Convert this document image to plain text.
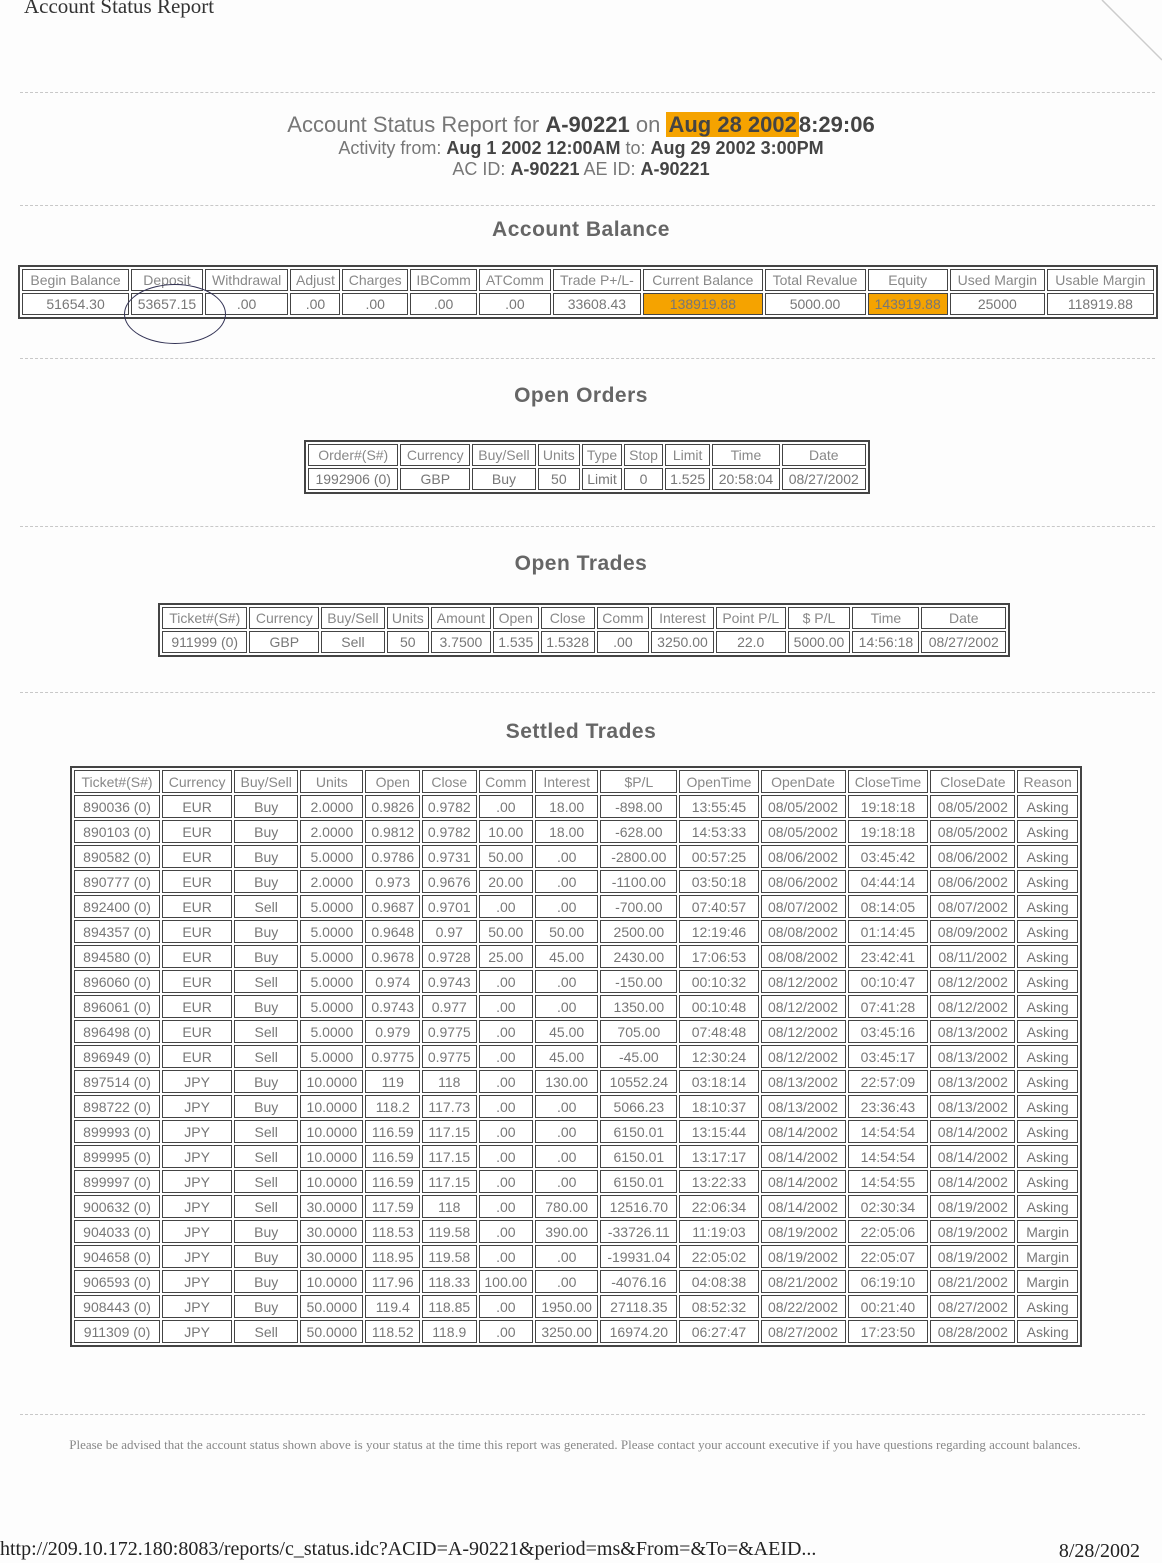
Account Status Report
Account Status Report for A-90221 on Aug 28 20028:29:06
Activity from: Aug 1 2002 12:00AM to: Aug 29 2002 3:00PM
AC ID: A-90221 AE ID: A-90221
Account Balance
Begin Balance	Deposit	Withdrawal	Adjust	Charges	IBComm	ATComm	Trade P+/L-	Current Balance	Total Revalue	Equity	Used Margin	Usable Margin
51654.30	53657.15	.00	.00	.00	.00	.00	33608.43	138919.88	5000.00	143919.88	25000	118919.88
Open Orders
Order#(S#)	Currency	Buy/Sell	Units	Type	Stop	Limit	Time	Date
1992906 (0)	GBP	Buy	50	Limit	0	1.525	20:58:04	08/27/2002
Open Trades
Ticket#(S#)	Currency	Buy/Sell	Units	Amount	Open	Close	Comm	Interest	Point P/L	$ P/L	Time	Date
911999 (0)	GBP	Sell	50	3.7500	1.535	1.5328	.00	3250.00	22.0	5000.00	14:56:18	08/27/2002
Settled Trades
Ticket#(S#)	Currency	Buy/Sell	Units	Open	Close	Comm	Interest	$P/L	OpenTime	OpenDate	CloseTime	CloseDate	Reason
890036 (0)	EUR	Buy	2.0000	0.9826	0.9782	.00	18.00	-898.00	13:55:45	08/05/2002	19:18:18	08/05/2002	Asking
890103 (0)	EUR	Buy	2.0000	0.9812	0.9782	10.00	18.00	-628.00	14:53:33	08/05/2002	19:18:18	08/05/2002	Asking
890582 (0)	EUR	Buy	5.0000	0.9786	0.9731	50.00	.00	-2800.00	00:57:25	08/06/2002	03:45:42	08/06/2002	Asking
890777 (0)	EUR	Buy	2.0000	0.973	0.9676	20.00	.00	-1100.00	03:50:18	08/06/2002	04:44:14	08/06/2002	Asking
892400 (0)	EUR	Sell	5.0000	0.9687	0.9701	.00	.00	-700.00	07:40:57	08/07/2002	08:14:05	08/07/2002	Asking
894357 (0)	EUR	Buy	5.0000	0.9648	0.97	50.00	50.00	2500.00	12:19:46	08/08/2002	01:14:45	08/09/2002	Asking
894580 (0)	EUR	Buy	5.0000	0.9678	0.9728	25.00	45.00	2430.00	17:06:53	08/08/2002	23:42:41	08/11/2002	Asking
896060 (0)	EUR	Sell	5.0000	0.974	0.9743	.00	.00	-150.00	00:10:32	08/12/2002	00:10:47	08/12/2002	Asking
896061 (0)	EUR	Buy	5.0000	0.9743	0.977	.00	.00	1350.00	00:10:48	08/12/2002	07:41:28	08/12/2002	Asking
896498 (0)	EUR	Sell	5.0000	0.979	0.9775	.00	45.00	705.00	07:48:48	08/12/2002	03:45:16	08/13/2002	Asking
896949 (0)	EUR	Sell	5.0000	0.9775	0.9775	.00	45.00	-45.00	12:30:24	08/12/2002	03:45:17	08/13/2002	Asking
897514 (0)	JPY	Buy	10.0000	119	118	.00	130.00	10552.24	03:18:14	08/13/2002	22:57:09	08/13/2002	Asking
898722 (0)	JPY	Buy	10.0000	118.2	117.73	.00	.00	5066.23	18:10:37	08/13/2002	23:36:43	08/13/2002	Asking
899993 (0)	JPY	Sell	10.0000	116.59	117.15	.00	.00	6150.01	13:15:44	08/14/2002	14:54:54	08/14/2002	Asking
899995 (0)	JPY	Sell	10.0000	116.59	117.15	.00	.00	6150.01	13:17:17	08/14/2002	14:54:54	08/14/2002	Asking
899997 (0)	JPY	Sell	10.0000	116.59	117.15	.00	.00	6150.01	13:22:33	08/14/2002	14:54:55	08/14/2002	Asking
900632 (0)	JPY	Sell	30.0000	117.59	118	.00	780.00	12516.70	22:06:34	08/14/2002	02:30:34	08/19/2002	Asking
904033 (0)	JPY	Buy	30.0000	118.53	119.58	.00	390.00	-33726.11	11:19:03	08/19/2002	22:05:06	08/19/2002	Margin
904658 (0)	JPY	Buy	30.0000	118.95	119.58	.00	.00	-19931.04	22:05:02	08/19/2002	22:05:07	08/19/2002	Margin
906593 (0)	JPY	Buy	10.0000	117.96	118.33	100.00	.00	-4076.16	04:08:38	08/21/2002	06:19:10	08/21/2002	Margin
908443 (0)	JPY	Buy	50.0000	119.4	118.85	.00	1950.00	27118.35	08:52:32	08/22/2002	00:21:40	08/27/2002	Asking
911309 (0)	JPY	Sell	50.0000	118.52	118.9	.00	3250.00	16974.20	06:27:47	08/27/2002	17:23:50	08/28/2002	Asking
Please be advised that the account status shown above is your status at the time this report was generated. Please contact your account executive if you have questions regarding account balances.
http://209.10.172.180:8083/reports/c_status.idc?ACID=A-90221&period=ms&From=&To=&AEID...	8/28/2002
